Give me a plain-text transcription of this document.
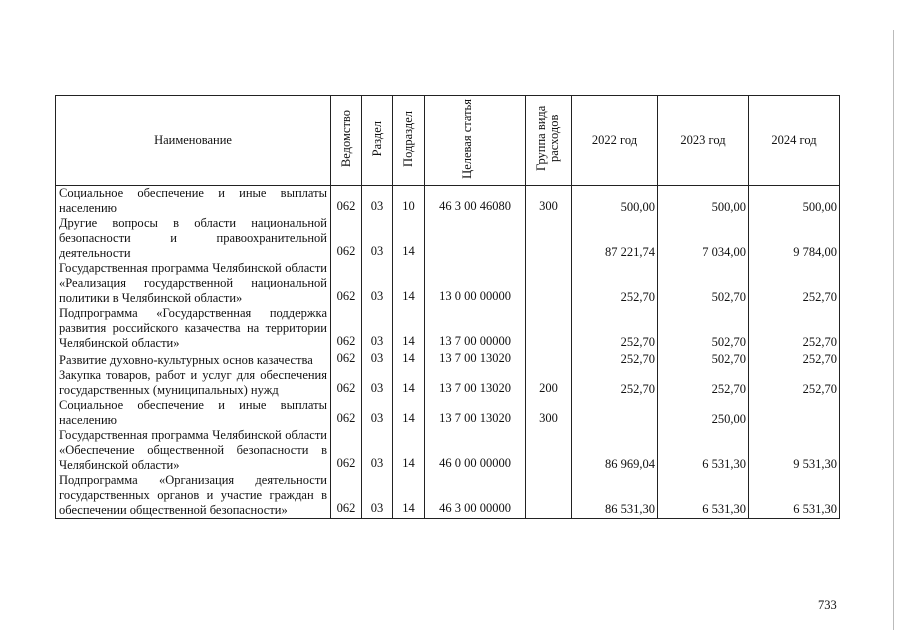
Наименование	Ведомство	Раздел	Подраздел	Целевая статья	Группа вида расходов	2022 год	2023 год	2024 год
Социальное обеспечение и иные выплаты населению	062	03	10	46 3 00 46080	300	500,00	500,00	500,00
Другие вопросы в области национальной безопасности и правоохранительной деятельности	062	03	14			87 221,74	7 034,00	9 784,00
Государственная программа Челябинской области «Реализация государственной национальной политики в Челябинской области»	062	03	14	13 0 00 00000		252,70	502,70	252,70
Подпрограмма «Государственная поддержка развития российского казачества на территории Челябинской области»	062	03	14	13 7 00 00000		252,70	502,70	252,70
Развитие духовно-культурных основ казачества	062	03	14	13 7 00 13020		252,70	502,70	252,70
Закупка товаров, работ и услуг для обеспечения государственных (муниципальных) нужд	062	03	14	13 7 00 13020	200	252,70	252,70	252,70
Социальное обеспечение и иные выплаты населению	062	03	14	13 7 00 13020	300		250,00	
Государственная программа Челябинской области «Обеспечение общественной безопасности в Челябинской области»	062	03	14	46 0 00 00000		86 969,04	6 531,30	9 531,30
Подпрограмма «Организация деятельности государственных органов и участие граждан в обеспечении общественной безопасности»	062	03	14	46 3 00 00000		86 531,30	6 531,30	6 531,30
733
